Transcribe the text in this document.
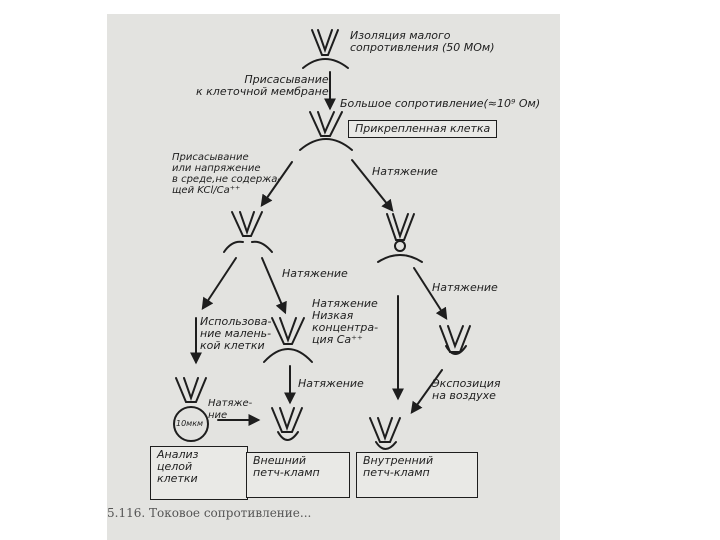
Изоляция малого
сопротивления (50 МОм)
Присасывание
к клеточной мембране
Большое сопротивление(≈10⁹ Ом)
Прикрепленная клетка
Присасывание
или напряжение
в среде,не содержа-
щей KCl/Ca⁺⁺
Натяжение
Натяжение
Натяжение
Натяжение
Низкая
концентра-
ция Ca⁺⁺
Использова-
ние малень-
кой клетки
Натяжение	Экспозиция
на воздухе
Натяже-
ние
10мкм
Анализ
целой
клетки
Внешний
петч-кламп
Внутренний
петч-кламп
5.116. Токовое сопротивление...
